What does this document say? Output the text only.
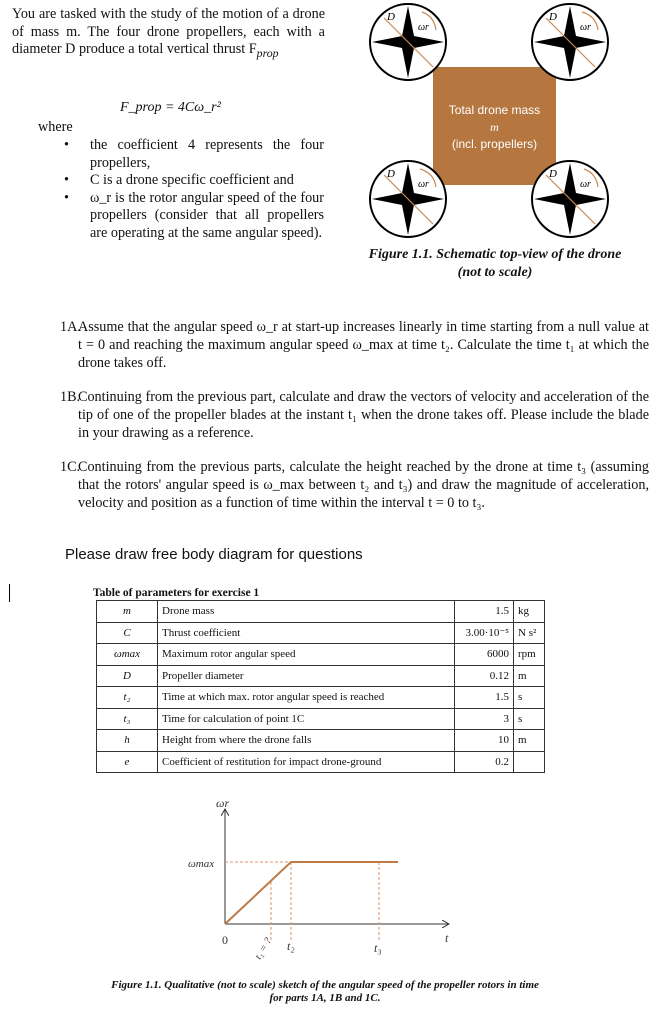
You are tasked with the study of the motion of a drone of mass m. The four drone propellers, each with a diameter D produce a total vertical thrust $F_{prop}$
F_prop = 4Cω_r²
where
• the coefficient 4 represents the four propellers,
• C is a drone specific coefficient and
• ω_r is the rotor angular speed of the four propellers (consider that all propellers are operating at the same angular speed).
D
ωr
D
ωr
D
ωr
D
ωr
Total drone mass
m
(incl. propellers)
Figure 1.1. Schematic top-view of the drone
(not to scale)
1A.
Assume that the angular speed ω_r at start-up increases linearly in time starting from a null value at t = 0 and reaching the maximum angular speed ω_max at time t₂. Calculate the time t₁ at which the drone takes off.
1B.
Continuing from the previous part, calculate and draw the vectors of velocity and acceleration of the tip of one of the propeller blades at the instant t₁ when the drone takes off. Please include the blade in your drawing as a reference.
1C.
Continuing from the previous parts, calculate the height reached by the drone at time t₃ (assuming that the rotors' angular speed is ω_max between t₂ and t₃) and draw the magnitude of acceleration, velocity and position as a function of time within the interval t = 0 to t₃.
Please draw free body diagram for questions
Table of parameters for exercise 1
m	Drone mass	1.5	kg
C	Thrust coefficient	3.00·10⁻⁵	N s²
ωmax	Maximum rotor angular speed	6000	rpm
D	Propeller diameter	0.12	m
t₂	Time at which max. rotor angular speed is reached	1.5	s
t₃	Time for calculation of point 1C	3	s
h	Height from where the drone falls	10	m
e	Coefficient of restitution for impact drone-ground	0.2	
ωr
ωmax
t
0	t₁ = ? t₂	t₃
Figure 1.1. Qualitative (not to scale) sketch of the angular speed of the propeller rotors in time
for parts 1A, 1B and 1C.
